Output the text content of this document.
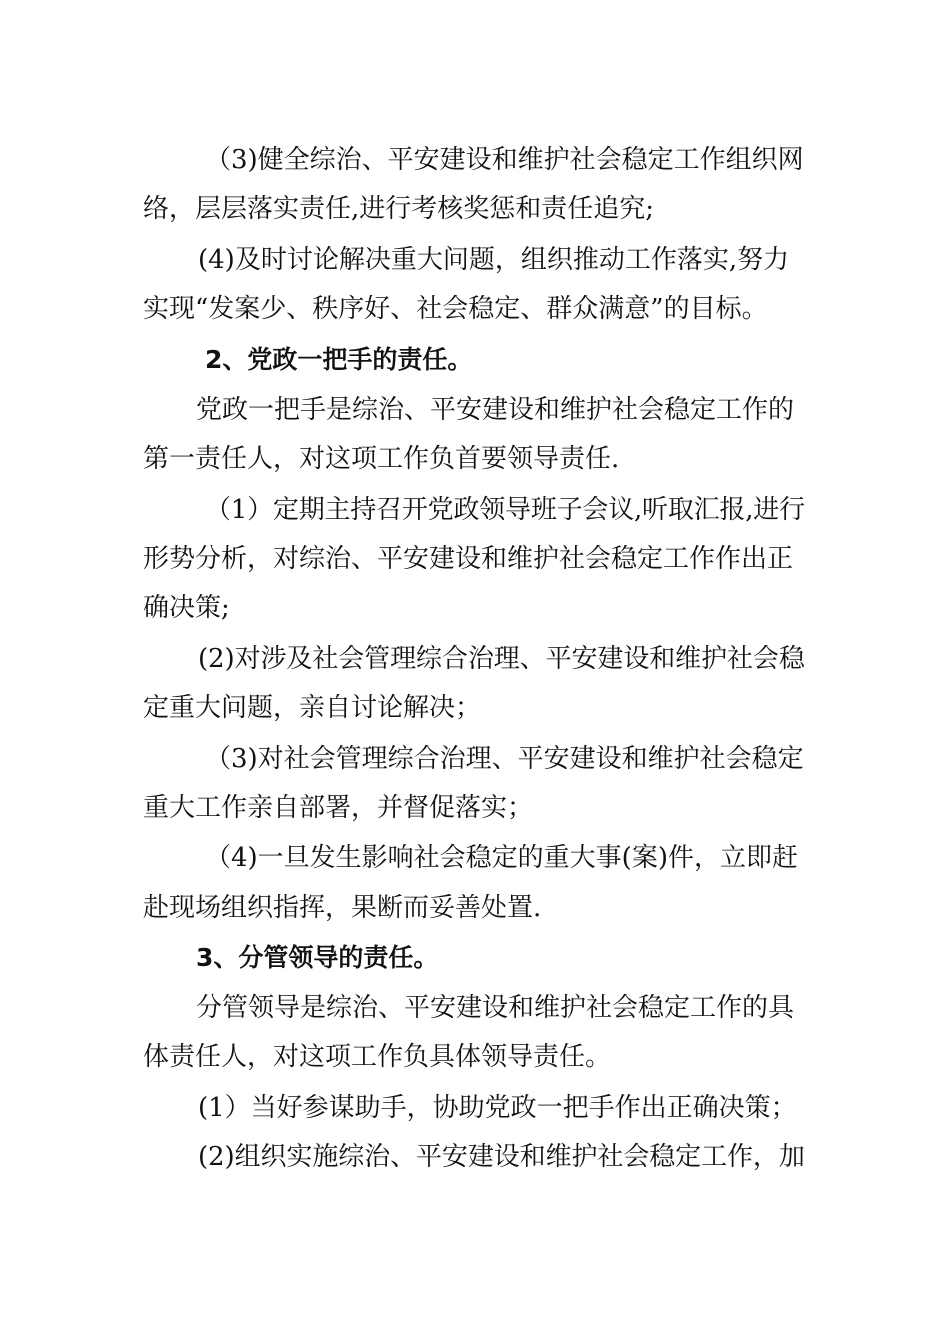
（3)健全综治、平安建设和维护社会稳定工作组织网
络，层层落实责任,进行考核奖惩和责任追究;
(4)及时讨论解决重大问题，组织推动工作落实,努力
实现“发案少、秩序好、社会稳定、群众满意”的目标。
2、党政一把手的责任。
党政一把手是综治、平安建设和维护社会稳定工作的
第一责任人，对这项工作负首要领导责任.
（1）定期主持召开党政领导班子会议,听取汇报,进行
形势分析，对综治、平安建设和维护社会稳定工作作出正
确决策;
(2)对涉及社会管理综合治理、平安建设和维护社会稳
定重大问题，亲自讨论解决；
（3)对社会管理综合治理、平安建设和维护社会稳定
重大工作亲自部署，并督促落实；
（4)一旦发生影响社会稳定的重大事(案)件，立即赶
赴现场组织指挥，果断而妥善处置.
3、分管领导的责任。
分管领导是综治、平安建设和维护社会稳定工作的具
体责任人，对这项工作负具体领导责任。
(1）当好参谋助手，协助党政一把手作出正确决策；
(2)组织实施综治、平安建设和维护社会稳定工作，加
